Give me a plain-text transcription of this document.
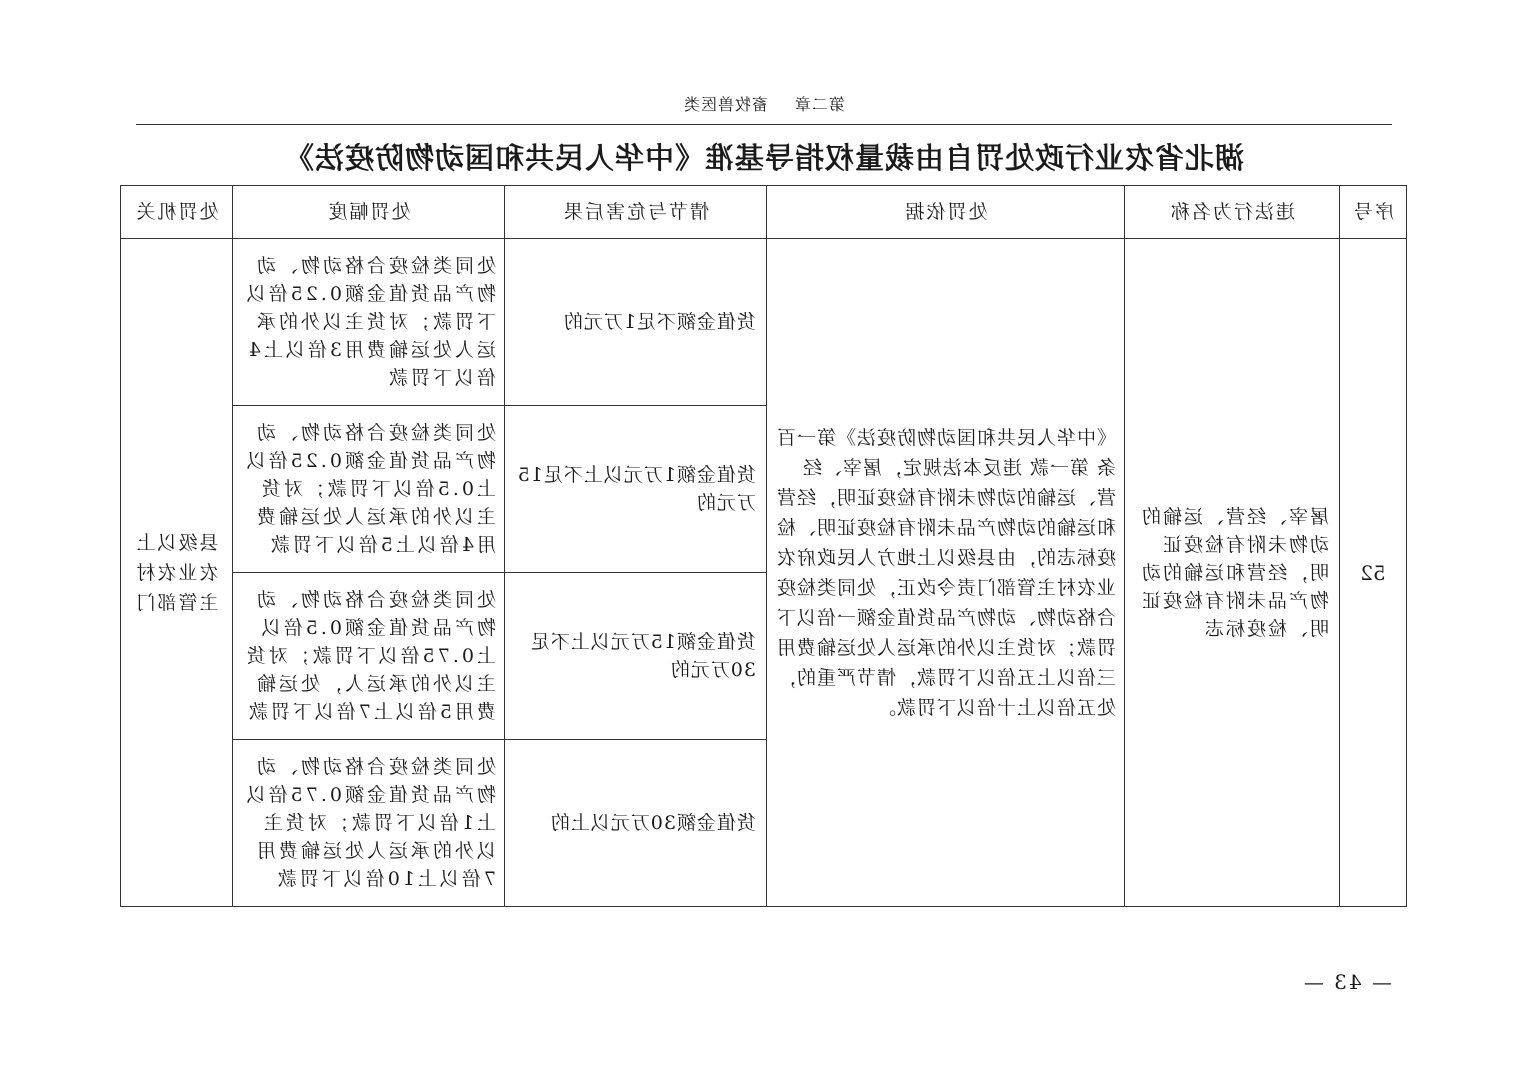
第二章畜牧兽医类
湖北省农业行政处罚自由裁量权指导基准《中华人民共和国动物防疫法》
序号	违法行为名称	处罚依据	情节与危害后果	处罚幅度	处罚机关
52	屠宰、经营、运输的动物未附有检疫证明，经营和运输的动物产品未附有检疫证明、检疫标志	《中华人民共和国动物防疫法》第一百条 第一款 违反本法规定，屠宰、经营、运输的动物未附有检疫证明，经营和运输的动物产品未附有检疫证明、检疫标志的，由县级以上地方人民政府农业农村主管部门责令改正，处同类检疫合格动物、动物产品货值金额一倍以下罚款；对货主以外的承运人处运输费用三倍以上五倍以下罚款，情节严重的，处五倍以上十倍以下罚款。	货值金额不足1万元的	处同类检疫合格动物、动物产品货值金额0.25倍以下罚款；对货主以外的承运人处运输费用3倍以上4倍以下罚款	县级以上农业农村主管部门
			货值金额1万元以上不足15万元的	处同类检疫合格动物、动物产品货值金额0.25倍以上0.5倍以下罚款；对货主以外的承运人处运输费用4倍以上5倍以下罚款	
			货值金额15万元以上不足30万元的	处同类检疫合格动物、动物产品货值金额0.5倍以上0.75倍以下罚款；对货主以外的承运人，处运输费用5倍以上7倍以下罚款	
			货值金额30万元以上的	处同类检疫合格动物、动物产品货值金额0.75倍以上1倍以下罚款；对货主以外的承运人处运输费用7倍以上10倍以下罚款	
— 43 —
